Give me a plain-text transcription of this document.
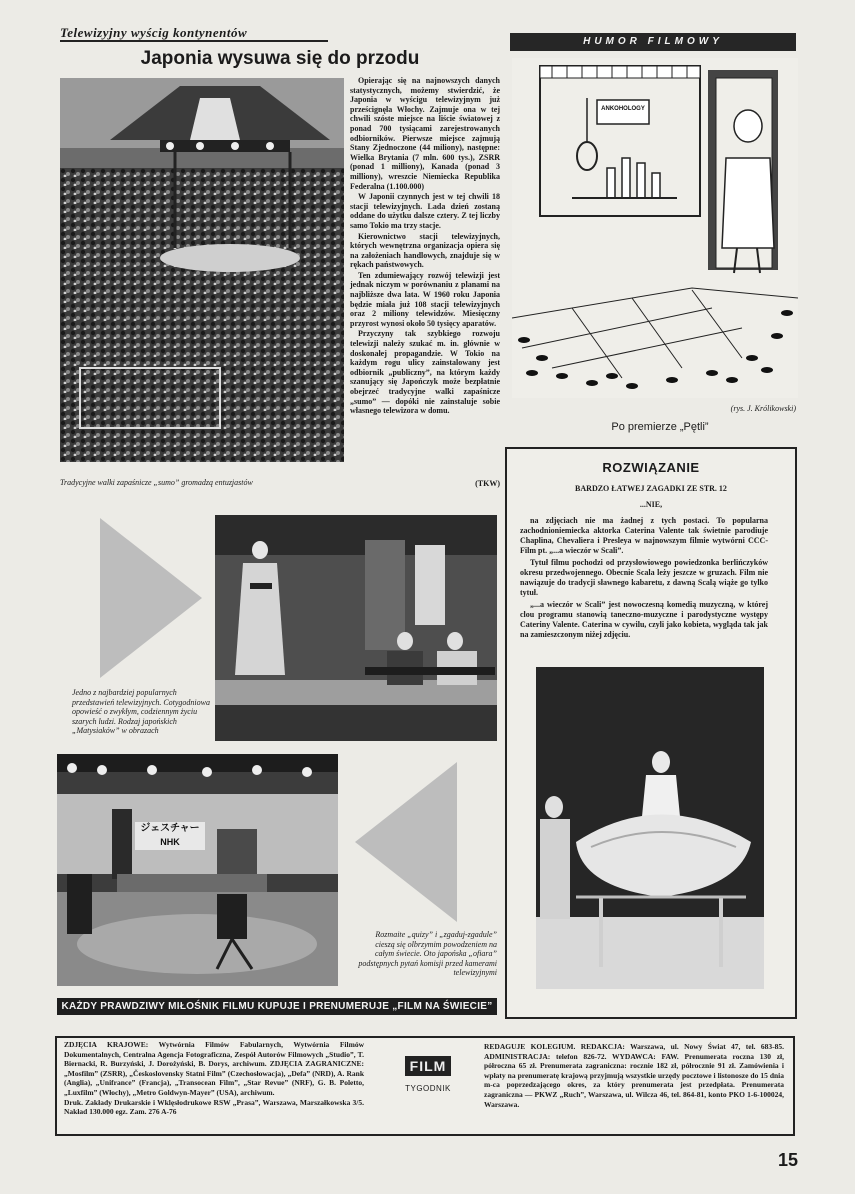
Telewizyjny wyścig kontynentów
Japonia wysuwa się do przodu
Tradycyjne walki zapaśnicze „sumo” gromadzą entuzjastów

Opierając się na najnowszych danych statystycznych, możemy stwierdzić, że Japonia w wyścigu telewizyjnym już prześcignęła Włochy. Zajmuje ona w tej chwili szóste miejsce na liście światowej z ponad 700 tysiącami zarejestrowanych odbiorników. Pierwsze miejsce zajmują Stany Zjednoczone (44 miliony), następne: Wielka Brytania (7 mln. 600 tys.), ZSRR (ponad 1 milliony), Kanada (ponad 3 milliony), wreszcie Niemiecka Republika Federalna (1.100.000)

W Japonii czynnych jest w tej chwili 18 stacji telewizyjnych. Lada dzień zostaną oddane do użytku dalsze cztery. Z tej liczby samo Tokio ma trzy stacje.

Kierownictwo stacji telewizyjnych, których wewnętrzna organizacja opiera się na założeniach handlowych, znajduje się w rękach państwowych.

Ten zdumiewający rozwój telewizji jest jednak niczym w porównaniu z planami na najbliższe dwa lata. W 1960 roku Japonia będzie miała już 108 stacji telewizyjnych oraz 2 miliony telewidzów. Miesięczny przyrost wynosi około 50 tysięcy aparatów.

Przyczyny tak szybkiego rozwoju telewizji należy szukać m. in. głównie w doskonałej propagandzie. W Tokio na każdym rogu ulicy zainstalowany jest odbiornik „publiczny”, na którym każdy szanujący się Japończyk może bezpłatnie obejrzeć tradycyjne walki zapaśnicze „sumo” — dopóki nie zainstaluje sobie własnego telewizora w domu.

(TKW)
Jedno z najbardziej popularnych przedstawień telewizyjnych. Cotygodniowa opowieść o zwykłym, codziennym życiu szarych ludzi. Rodzaj japońskich „Matysiaków” w obrazach
ジェスチャー
NHK
Rozmaite „quizy” i „zgaduj-zgadule” cieszą się olbrzymim powodzeniem na całym świecie. Oto japońska „ofiara” podstępnych pytań komisji przed kamerami telewizyjnymi
HUMOR FILMOWY
ANKOHOLOGY
(rys. J. Królikowski)
Po premierze „Pętli”
ROZWIĄZANIE
BARDZO ŁATWEJ ZAGADKI ZE STR. 12
...NIE,

na zdjęciach nie ma żadnej z tych postaci. To popularna zachodnioniemiecka aktorka Caterina Valente tak świetnie parodiuje Chaplina, Chevaliera i Presleya w najnowszym filmie wytwórni CCC-Film pt. „...a wieczór w Scali”.

Tytuł filmu pochodzi od przysłowiowego powiedzonka berlińczyków okresu przedwojennego. Obecnie Scala leży jeszcze w gruzach. Film nie nawiązuje do tradycji sławnego kabaretu, z dawną Scalą wiąże go tylko tytuł.

„...a wieczór w Scali” jest nowoczesną komedią muzyczną, w której clou programu stanowią taneczno-muzyczne i parodystyczne występy Cateriny Valente. Caterina w cywilu, czyli jako kobieta, wygląda tak jak na zamieszczonym niżej zdjęciu.

KAŻDY PRAWDZIWY MIŁOŚNIK FILMU KUPUJE I PRENUMERUJE „FILM NA ŚWIECIE”
ZDJĘCIA KRAJOWE: Wytwórnia Filmów Fabularnych, Wytwórnia Filmów Dokumentalnych, Centralna Agencja Fotograficzna, Zespół Autorów Filmowych „Studio”, T. Biernacki, R. Burzyński, J. Dorożyński, B. Dorys, archiwum. ZDJĘCIA ZAGRANICZNE: „Mosfilm” (ZSRR), „Československy Statni Film” (Czechosłowacja), „Defa” (NRD), A. Rank (Anglia), „Unifrance” (Francja), „Transocean Film”, „Star Revue” (NRF), G. B. Poletto, „Luxfilm” (Włochy), „Metro Goldwyn-Mayer” (USA), archiwum.
Druk. Zakłady Drukarskie i Wklęsłodrukowe RSW „Prasa”, Warszawa, Marszałkowska 3/5. Nakład 130.000 egz. Zam. 276 A-76
FILM
TYGODNIK
REDAGUJE KOLEGIUM. REDAKCJA: Warszawa, ul. Nowy Świat 47, tel. 683-85. ADMINISTRACJA: telefon 826-72. WYDAWCA: FAW. Prenumerata roczna 130 zł, półroczna 65 zł. Prenumerata zagraniczna: rocznie 182 zł, półrocznie 91 zł. Zamówienia i wpłaty na prenumeratę krajową przyjmują wszystkie urzędy pocztowe i listonosze do 15 dnia m-ca poprzedzającego okres, za który prenumerata jest przedpłata. Prenumerata zagraniczna — PKWZ „Ruch”, Warszawa, ul. Wilcza 46, tel. 864-81, konto PKO 1-6-100024, Warszawa.
15
